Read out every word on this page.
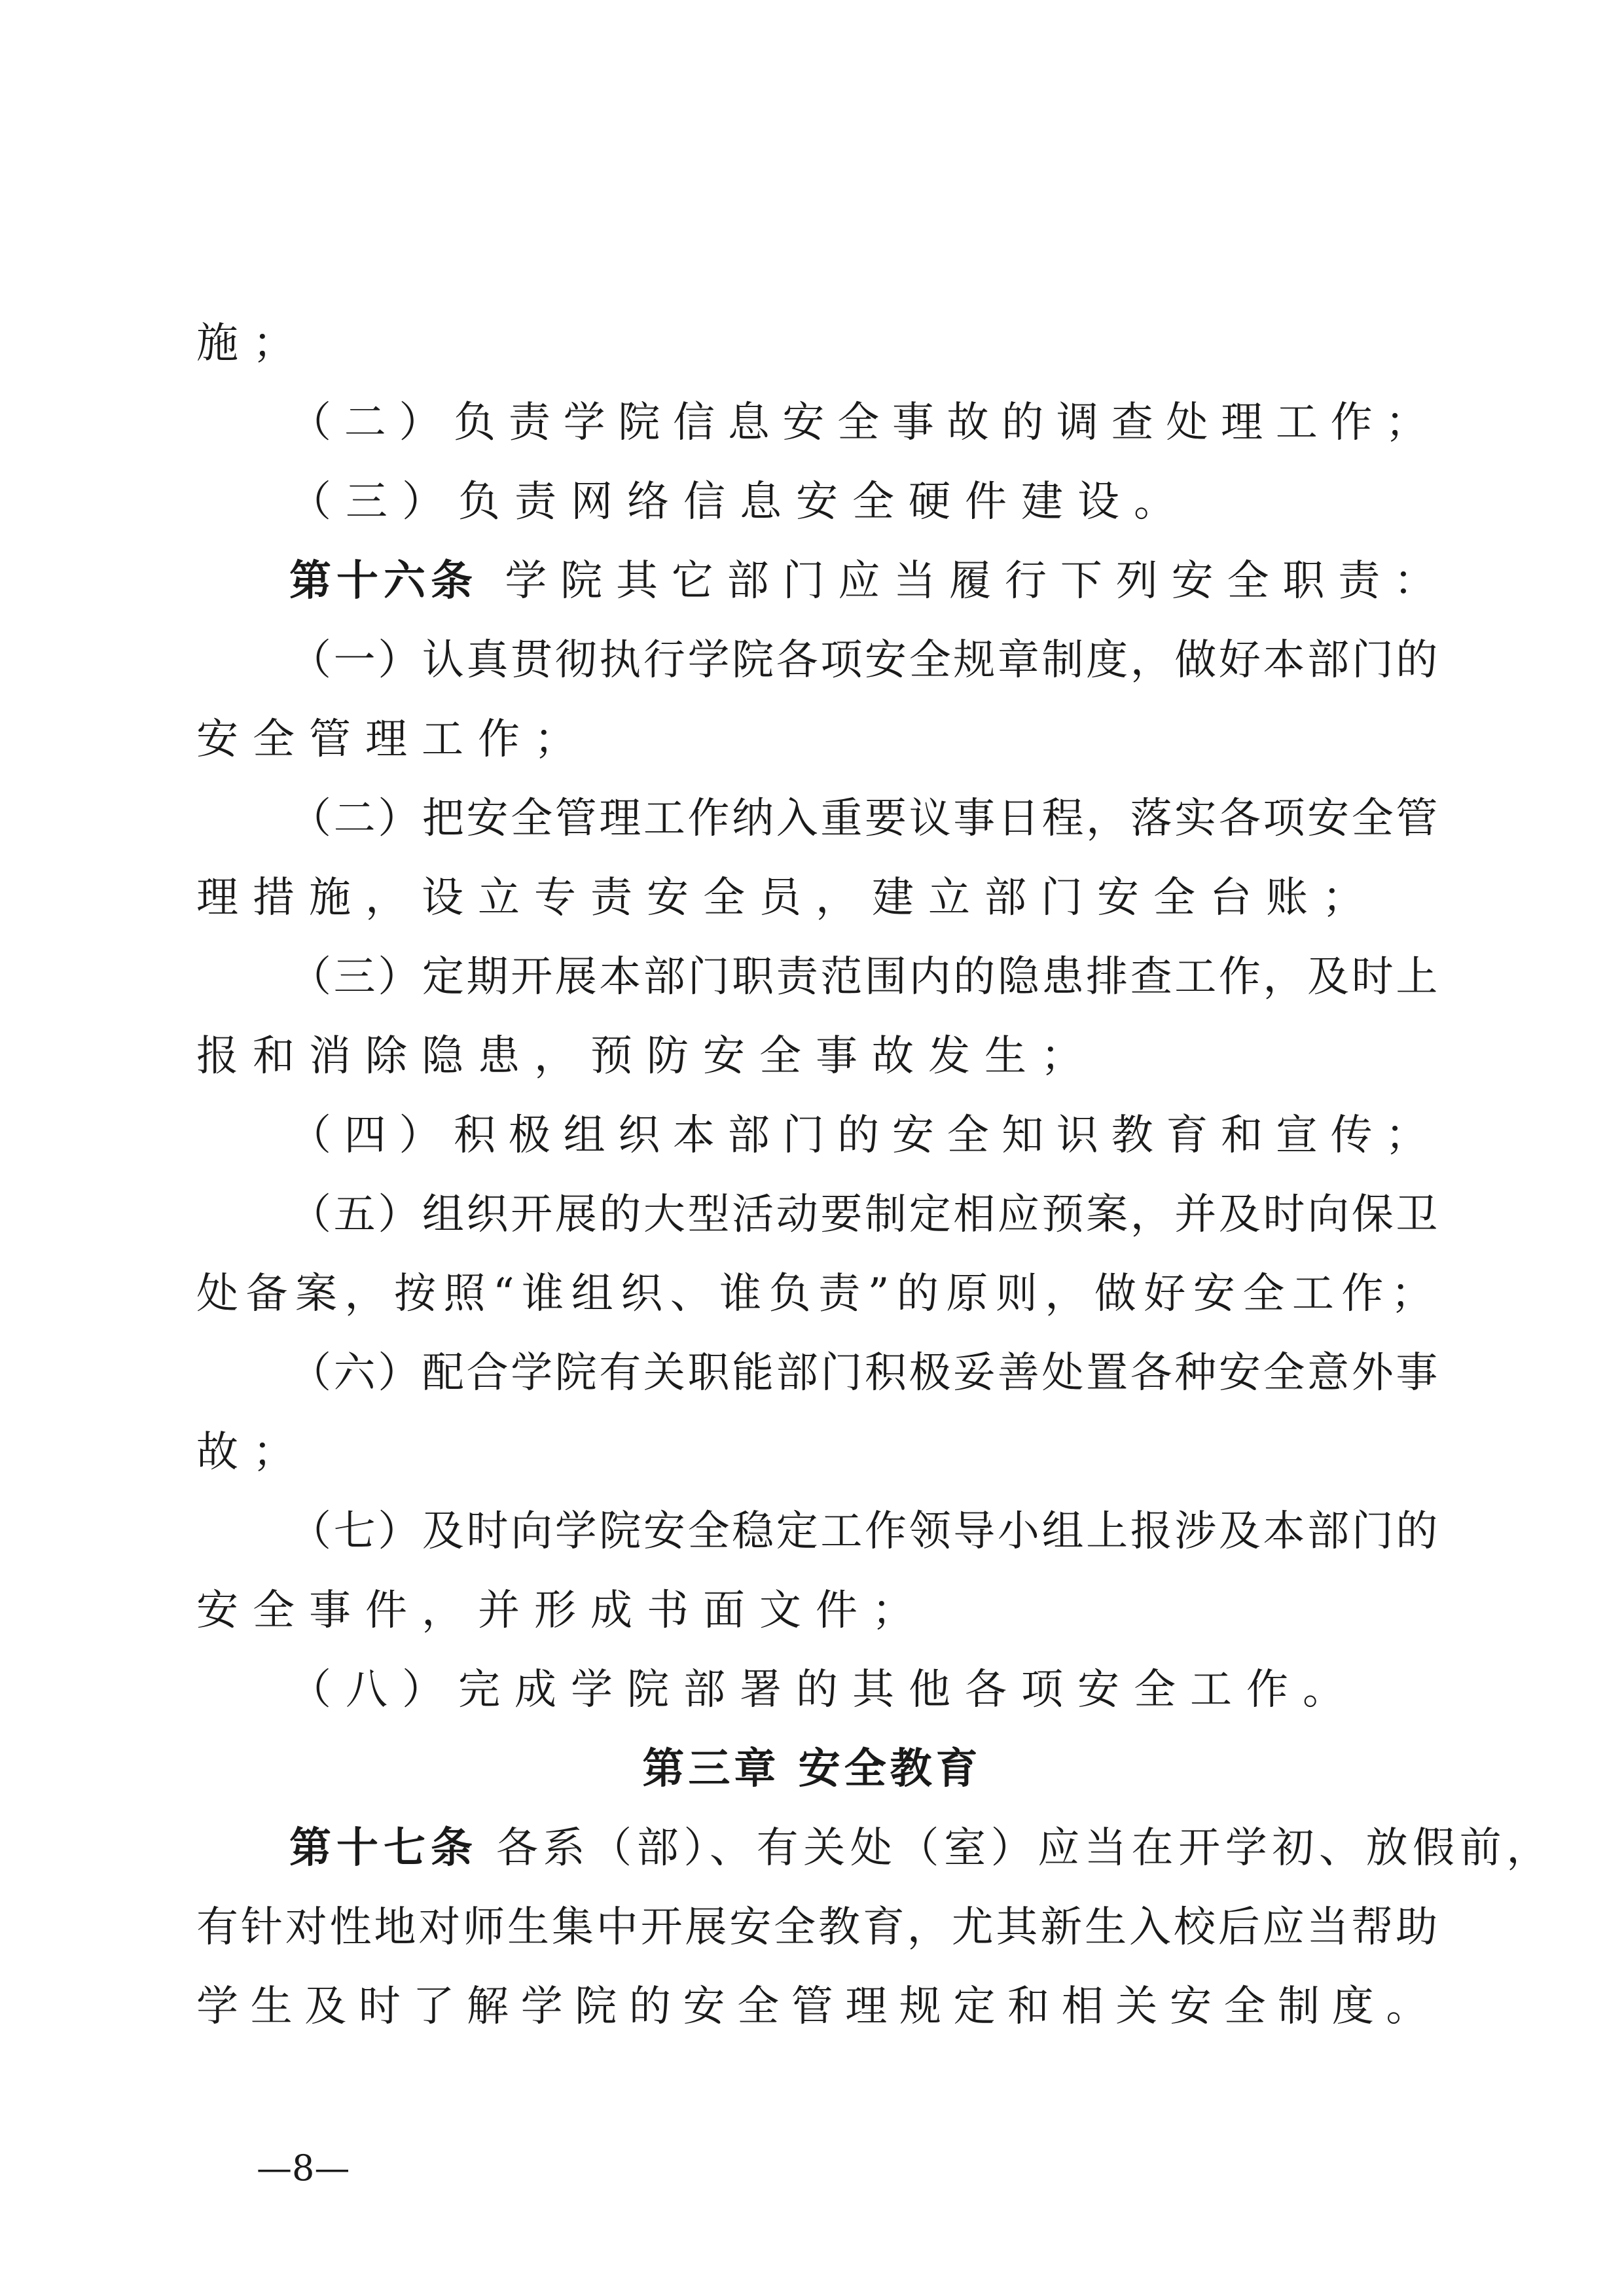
施；
（二）负责学院信息安全事故的调查处理工作；
（三）负责网络信息安全硬件建设。
第十六条 学院其它部门应当履行下列安全职责：
（一）认真贯彻执行学院各项安全规章制度，做好本部门的
安全管理工作；
（二）把安全管理工作纳入重要议事日程，落实各项安全管
理措施，设立专责安全员，建立部门安全台账；
（三）定期开展本部门职责范围内的隐患排查工作，及时上
报和消除隐患，预防安全事故发生；
（四）积极组织本部门的安全知识教育和宣传；
（五）组织开展的大型活动要制定相应预案，并及时向保卫
处备案，按照“谁组织、谁负责”的原则，做好安全工作；
（六）配合学院有关职能部门积极妥善处置各种安全意外事
故；
（七）及时向学院安全稳定工作领导小组上报涉及本部门的
安全事件，并形成书面文件；
（八）完成学院部署的其他各项安全工作。
第三章 安全教育
第十七条 各系（部）、有关处（室）应当在开学初、放假前，
有针对性地对师生集中开展安全教育，尤其新生入校后应当帮助
学生及时了解学院的安全管理规定和相关安全制度。
—8—
